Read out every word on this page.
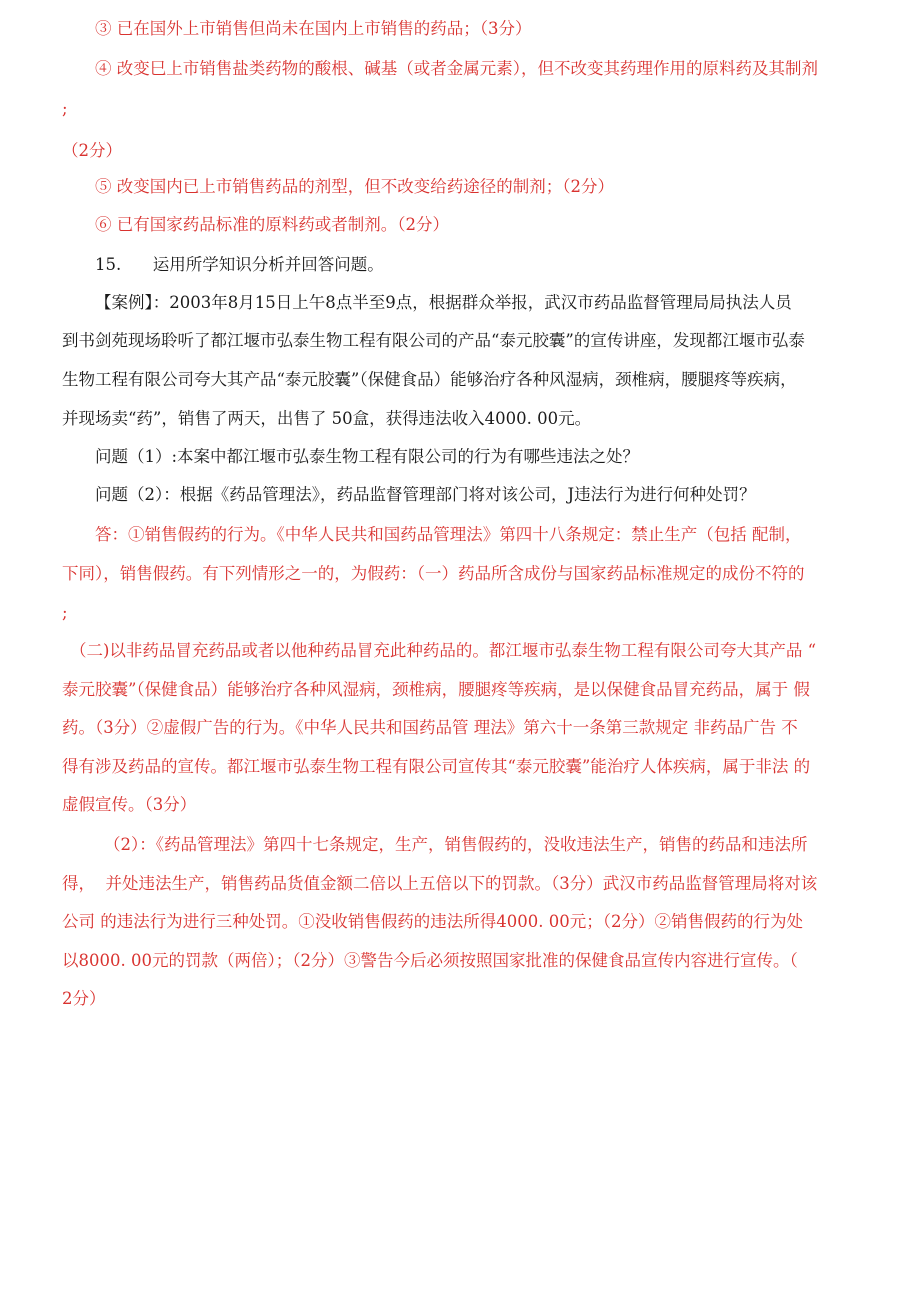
③ 已在国外上市销售但尚未在国内上市销售的药品；（3分）
④ 改变巳上市销售盐类药物的酸根、碱基（或者金属元素），但不改变其药理作用的原料药及其制剂
;
（2分）
⑤ 改变国内已上市销售药品的剂型，但不改变给药途径的制剂；（2分）
⑥ 已有国家药品标准的原料药或者制剂。（2分）
15.      运用所学知识分析并回答问题。
【案例】：2003年8月15日上午8点半至9点，根据群众举报，武汉市药品监督管理局局执法人员
到书剑苑现场聆听了都江堰市弘泰生物工程有限公司的产品“泰元胶囊”的宣传讲座，发现都江堰市弘泰
生物工程有限公司夸大其产品“泰元胶囊”（保健食品）能够治疗各种风湿病，颈椎病，腰腿疼等疾病，
并现场卖“药”，销售了两天，出售了 50盒，获得违法收入4000. 00元。
问题（1）:本案中都江堰市弘泰生物工程有限公司的行为有哪些违法之处？
问题（2）：根据《药品管理法》，药品监督管理部门将对该公司，J违法行为进行何种处罚？
答：①销售假药的行为。《中华人民共和国药品管理法》第四十八条规定：禁止生产（包括 配制，
下同），销售假药。有下列情形之一的，为假药：（一）药品所含成份与国家药品标准规定的成份不符的
;
（二)以非药品冒充药品或者以他种药品冒充此种药品的。都江堰市弘泰生物工程有限公司夸大其产品 “
泰元胶囊”（保健食品）能够治疗各种风湿病，颈椎病，腰腿疼等疾病，是以保健食品冒充药品，属于 假
药。（3分）②虚假广告的行为。《中华人民共和国药品管 理法》第六十一条第三款规定 非药品广告 不
得有涉及药品的宣传。都江堰市弘泰生物工程有限公司宣传其“泰元胶囊”能治疗人体疾病，属于非法 的
虚假宣传。（3分）
（2）：《药品管理法》第四十七条规定，生产，销售假药的，没收违法生产，销售的药品和违法所
得，  并处违法生产，销售药品货值金额二倍以上五倍以下的罚款。（3分）武汉市药品监督管理局将对该
公司 的违法行为进行三种处罚。①没收销售假药的违法所得4000. 00元；（2分）②销售假药的行为处
以8000. 00元的罚款（两倍）；（2分）③警告今后必须按照国家批准的保健食品宣传内容进行宣传。（
2分）
